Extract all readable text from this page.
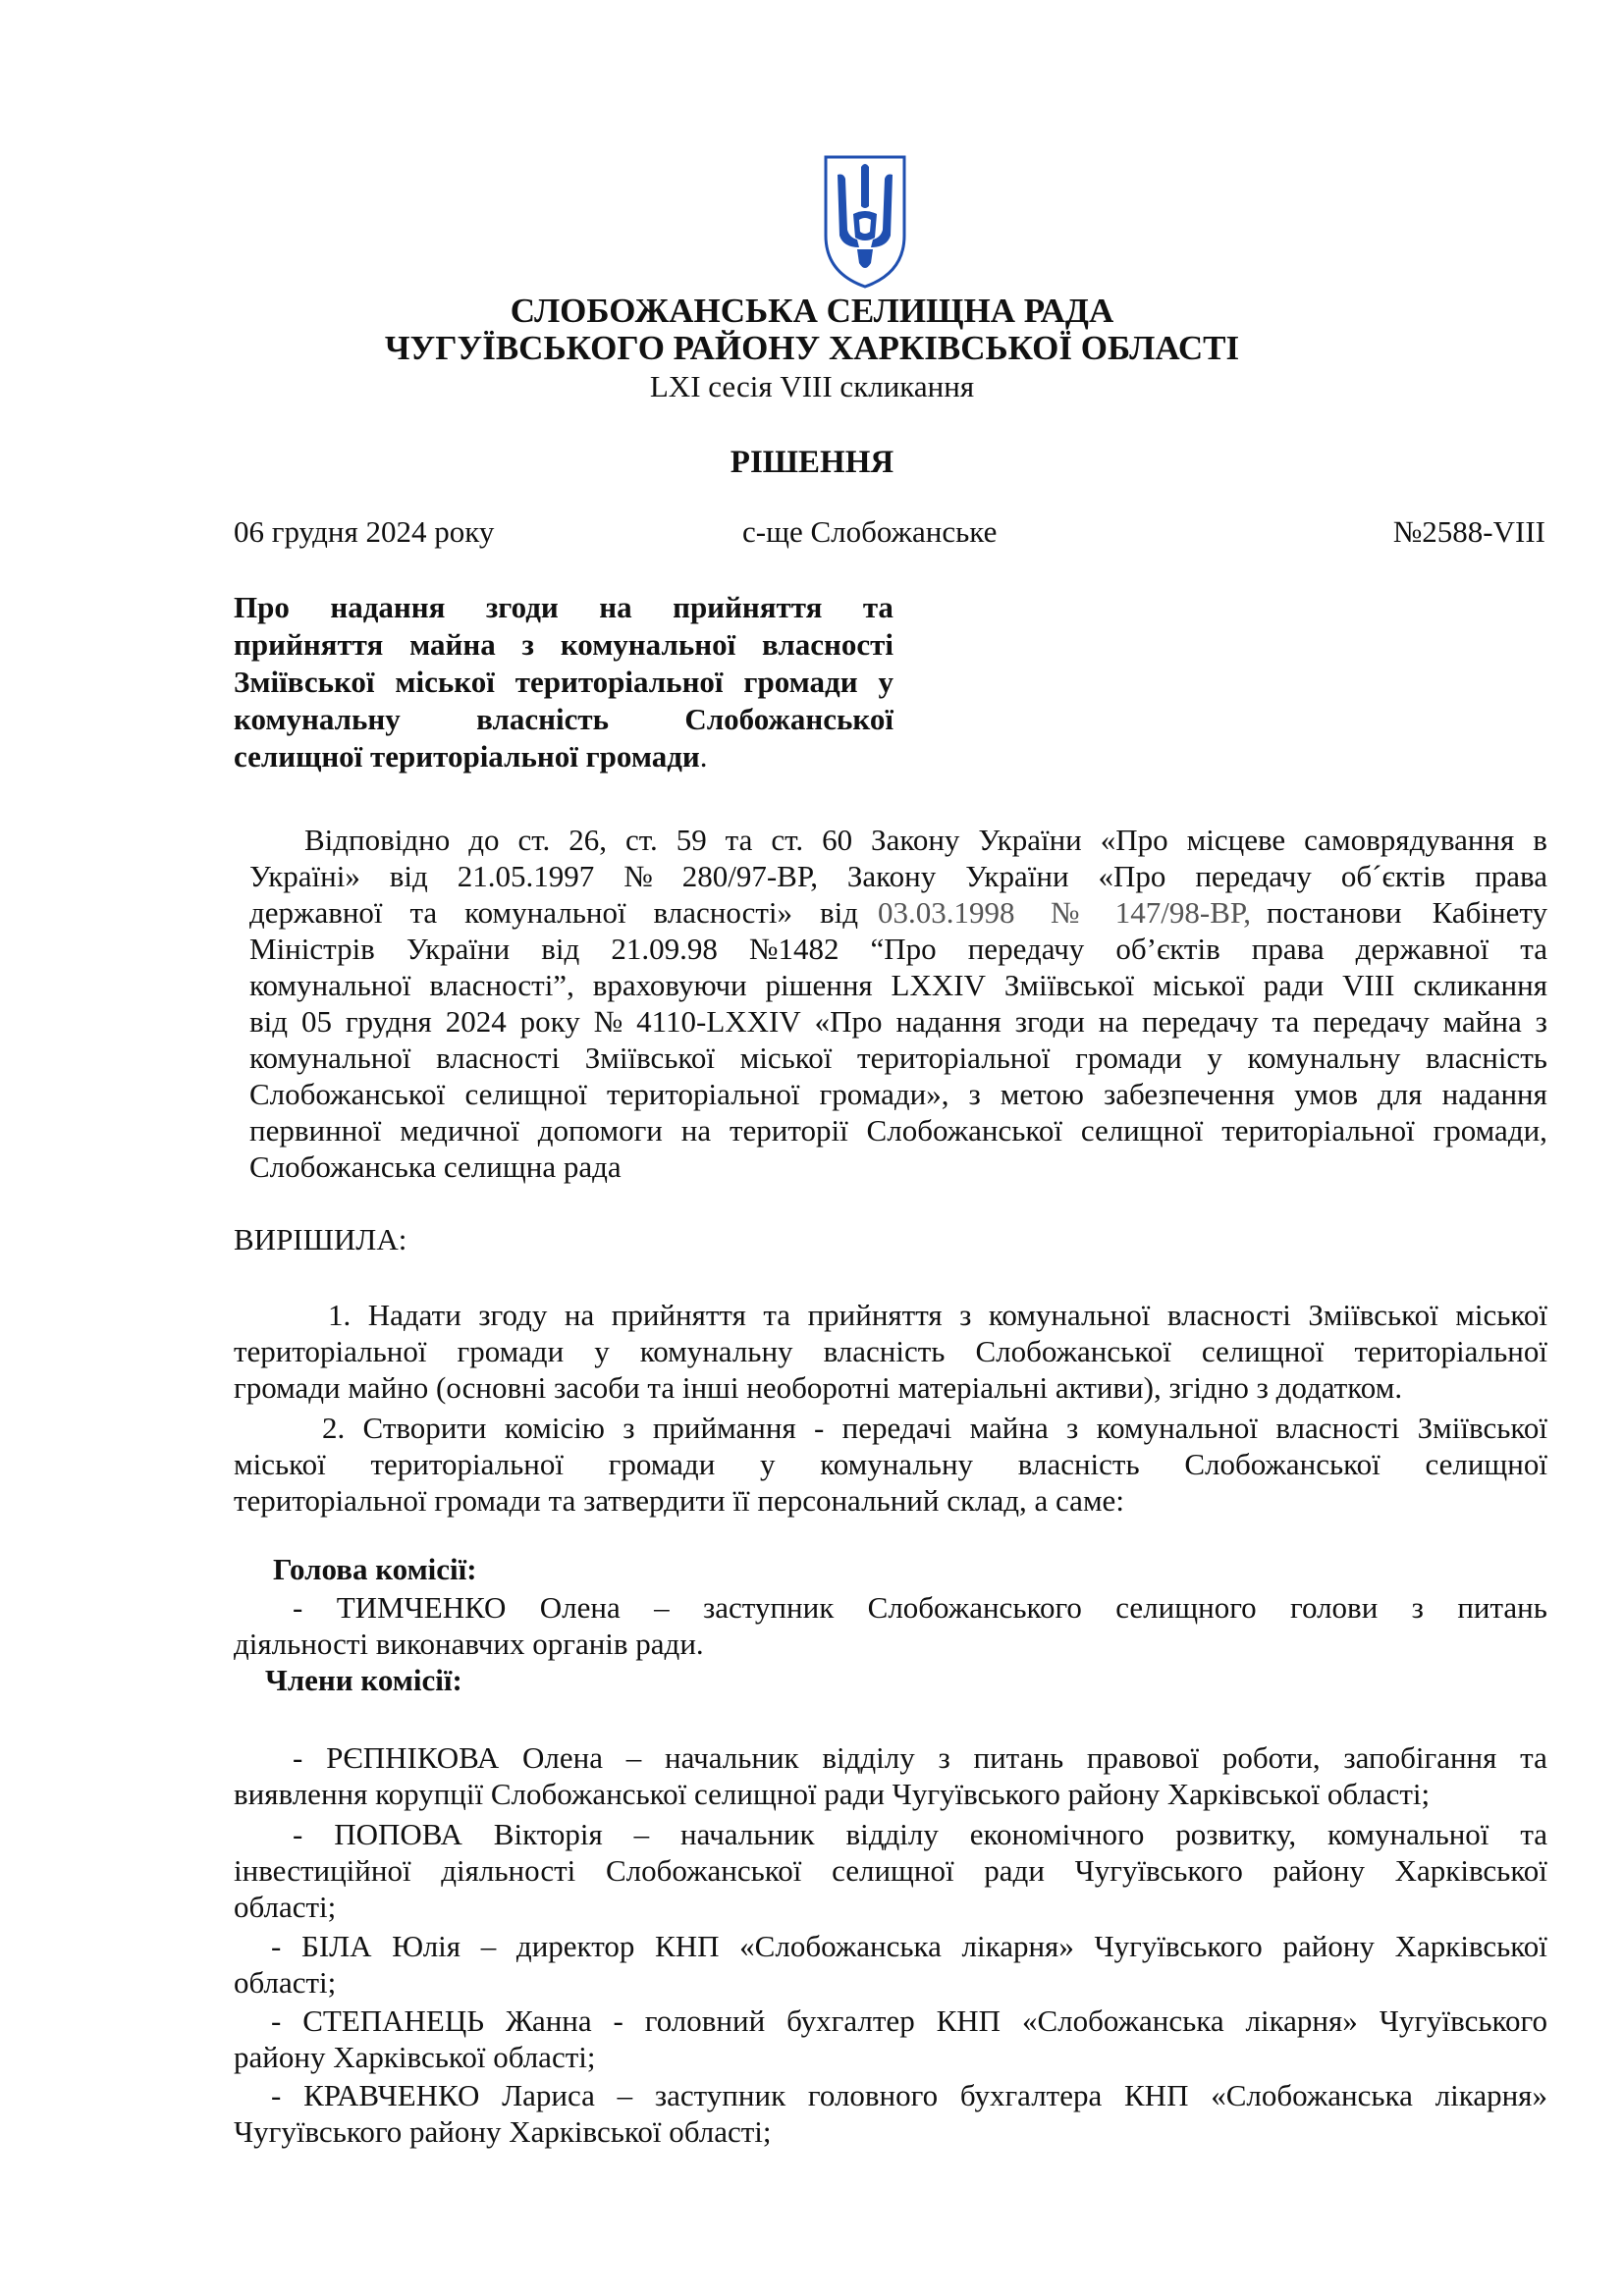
СЛОБОЖАНСЬКА СЕЛИЩНА РАДА
ЧУГУЇВСЬКОГО РАЙОНУ ХАРКІВСЬКОЇ ОБЛАСТІ
LXI сесія VIII скликання
РІШЕННЯ
06 грудня 2024 року	с-ще Слобожанське	№2588-VIII
Про надання згоди на прийняття та
прийняття майна з комунальної власності
Зміївської міської територіальної громади у
комунальну власність Слобожанської
селищної територіальної громади .
Відповідно до ст. 26, ст. 59 та ст. 60 Закону України «Про місцеве самоврядування в
Україні» від 21.05.1997 № 280/97-ВР, Закону України «Про передачу об´єктів права
державної та комунальної власності» від 03.03.1998 № 147/98-ВР, постанови Кабінету
Міністрів України від 21.09.98 №1482 “Про передачу об’єктів права державної та
комунальної власності”, враховуючи рішення LXXIV Зміївської міської ради VIII скликання
від 05 грудня 2024 року № 4110-LXXIV «Про надання згоди на передачу та передачу майна з
комунальної власності Зміївської міської територіальної громади у комунальну власність
Слобожанської селищної територіальної громади», з метою забезпечення умов для надання
первинної медичної допомоги на території Слобожанської селищної територіальної громади,
Слобожанська селищна рада
ВИРІШИЛА:
1. Надати згоду на прийняття та прийняття з комунальної власності Зміївської міської
територіальної громади у комунальну власність Слобожанської селищної територіальної
громади майно (основні засоби та інші необоротні матеріальні активи), згідно з додатком.
2. Створити комісію з приймання - передачі майна з комунальної власності Зміївської
міської територіальної громади у комунальну власність Слобожанської селищної
територіальної громади та затвердити її персональний склад, а саме:
Голова комісії:
- ТИМЧЕНКО Олена – заступник Слобожанського селищного голови з питань
діяльності виконавчих органів ради.
Члени комісії:
- РЄПНІКОВА Олена – начальник відділу з питань правової роботи, запобігання та
виявлення корупції Слобожанської селищної ради Чугуївського району Харківської області;
- ПОПОВА Вікторія – начальник відділу економічного розвитку, комунальної та
інвестиційної діяльності Слобожанської селищної ради Чугуївського району Харківської
області;
- БІЛА Юлія – директор КНП «Слобожанська лікарня» Чугуївського району Харківської
області;
- СТЕПАНЕЦЬ Жанна - головний бухгалтер КНП «Слобожанська лікарня» Чугуївського
району Харківської області;
- КРАВЧЕНКО Лариса – заступник головного бухгалтера КНП «Слобожанська лікарня»
Чугуївського району Харківської області;
